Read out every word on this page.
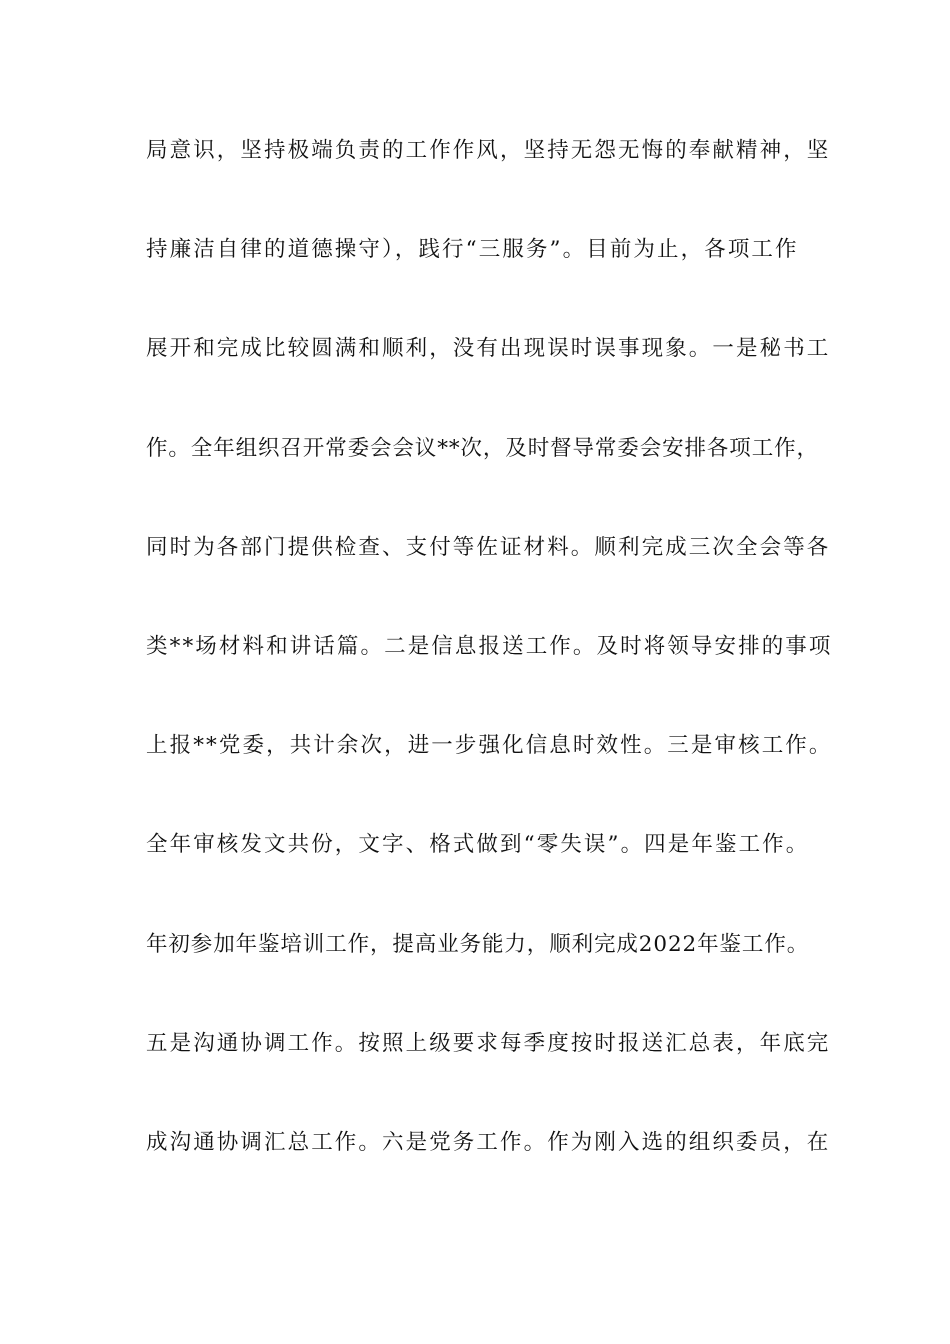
局意识，坚持极端负责的工作作风，坚持无怨无悔的奉献精神，坚
持廉洁自律的道德操守），践行“三服务”。目前为止，各项工作
展开和完成比较圆满和顺利，没有出现误时误事现象。一是秘书工
作。全年组织召开常委会会议**次，及时督导常委会安排各项工作，
同时为各部门提供检查、支付等佐证材料。顺利完成三次全会等各
类**场材料和讲话篇。二是信息报送工作。及时将领导安排的事项
上报**党委，共计余次，进一步强化信息时效性。三是审核工作。
全年审核发文共份，文字、格式做到“零失误”。四是年鉴工作。
年初参加年鉴培训工作，提高业务能力，顺利完成2022年鉴工作。
五是沟通协调工作。按照上级要求每季度按时报送汇总表，年底完
成沟通协调汇总工作。六是党务工作。作为刚入选的组织委员，在
